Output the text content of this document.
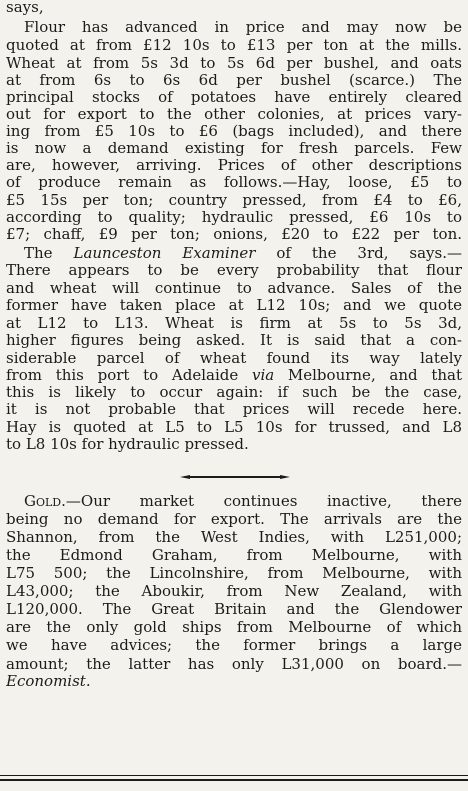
says,
Flour has advanced in price and may now be
quoted at from £12 10s to £13 per ton at the mills.
Wheat at from 5s 3d to 5s 6d per bushel, and oats
at from 6s to 6s 6d per bushel (scarce.) The
principal stocks of potatoes have entirely cleared
out for export to the other colonies, at prices vary-
ing from £5 10s to £6 (bags included), and there
is now a demand existing for fresh parcels. Few
are, however, arriving. Prices of other descriptions
of produce remain as follows.—Hay, loose, £5 to
£5 15s per ton; country pressed, from £4 to £6,
according to quality; hydraulic pressed, £6 10s to
£7; chaff, £9 per ton; onions, £20 to £22 per ton.
The Launceston Examiner of the 3rd, says.—
There appears to be every probability that flour
and wheat will continue to advance. Sales of the
former have taken place at L12 10s; and we quote
at L12 to L13. Wheat is firm at 5s to 5s 3d,
higher figures being asked. It is said that a con-
siderable parcel of wheat found its way lately
from this port to Adelaide via Melbourne, and that
this is likely to occur again: if such be the case,
it is not probable that prices will recede here.
Hay is quoted at L5 to L5 10s for trussed, and L8
to L8 10s for hydraulic pressed.
Gold.—Our market continues inactive, there
being no demand for export. The arrivals are the
Shannon, from the West Indies, with L251,000;
the Edmond Graham, from Melbourne, with
L75 500; the Lincolnshire, from Melbourne, with
L43,000; the Aboukir, from New Zealand, with
L120,000. The Great Britain and the Glendower
are the only gold ships from Melbourne of which
we have advices; the former brings a large
amount; the latter has only L31,000 on board.—
Economist.
